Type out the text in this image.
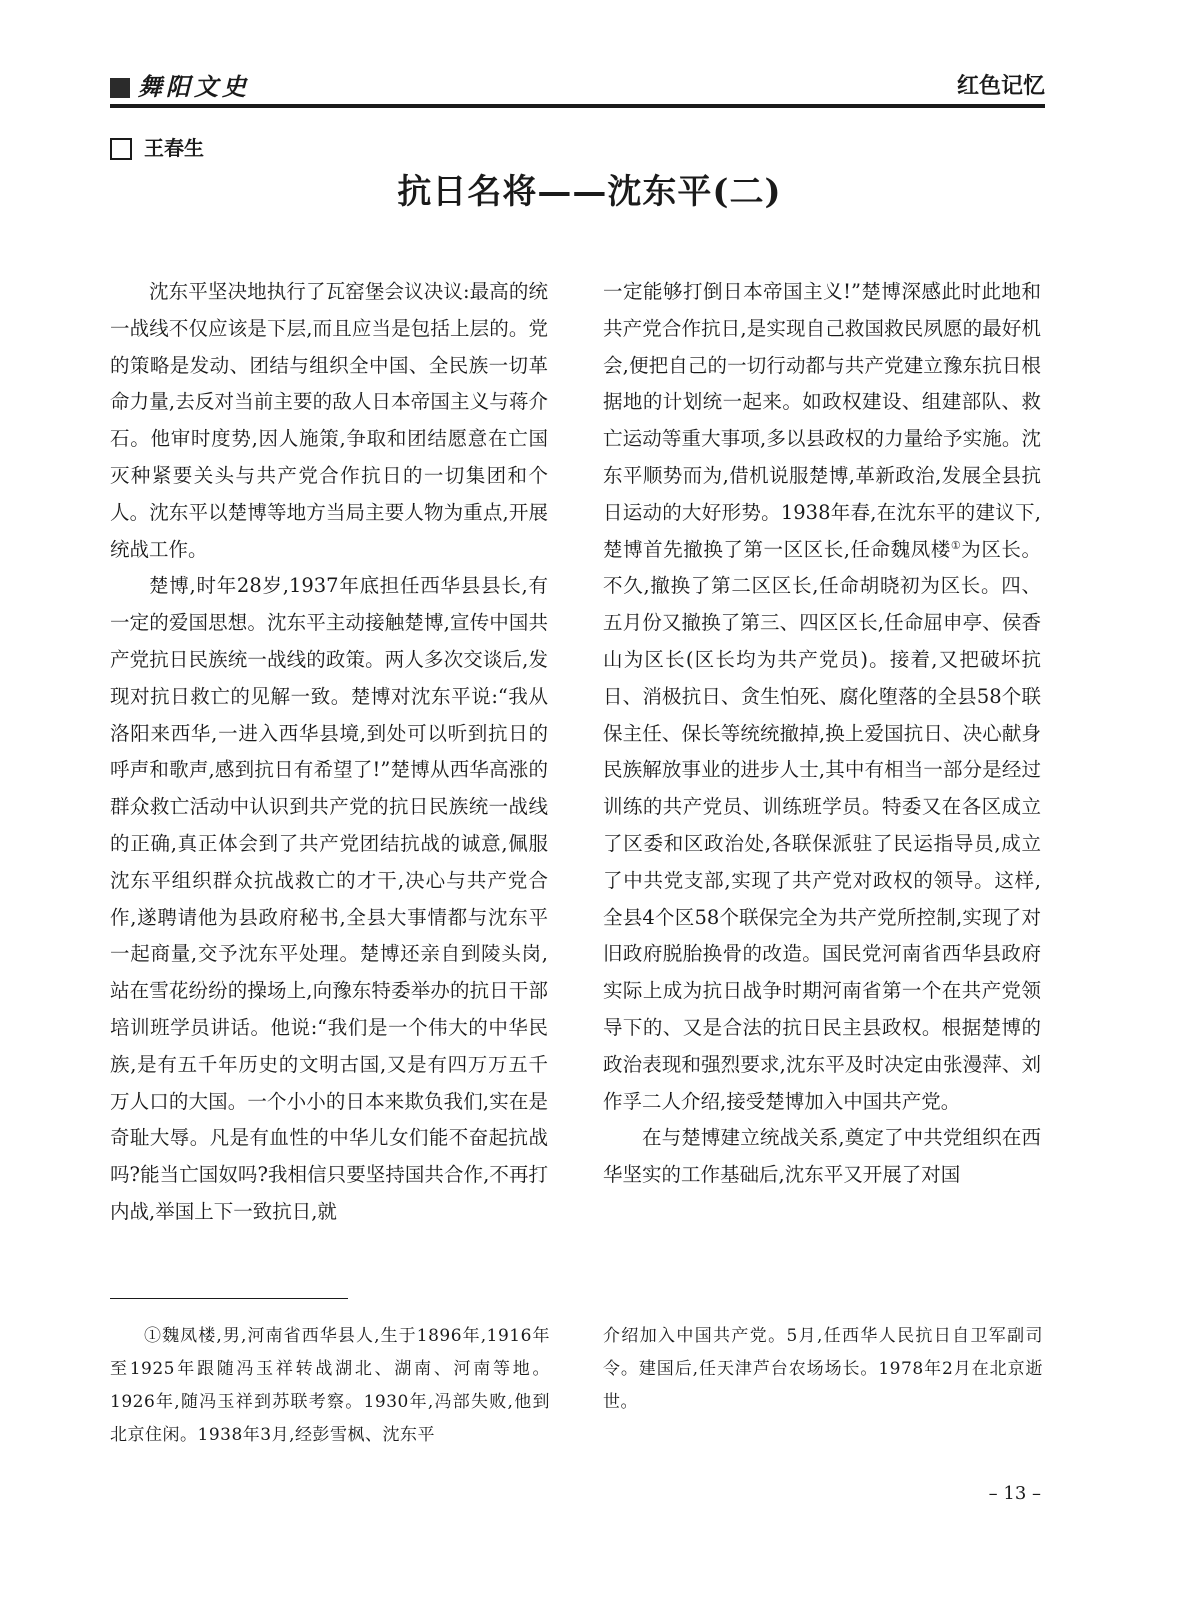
舞阳文史	红色记忆
王春生
抗日名将——沈东平(二)

沈东平坚决地执行了瓦窑堡会议决议:最高的统一战线不仅应该是下层,而且应当是包括上层的。党的策略是发动、团结与组织全中国、全民族一切革命力量,去反对当前主要的敌人日本帝国主义与蒋介石。他审时度势,因人施策,争取和团结愿意在亡国灭种紧要关头与共产党合作抗日的一切集团和个人。沈东平以楚博等地方当局主要人物为重点,开展统战工作。

楚博,时年28岁,1937年底担任西华县县长,有一定的爱国思想。沈东平主动接触楚博,宣传中国共产党抗日民族统一战线的政策。两人多次交谈后,发现对抗日救亡的见解一致。楚博对沈东平说:“我从洛阳来西华,一进入西华县境,到处可以听到抗日的呼声和歌声,感到抗日有希望了!”楚博从西华高涨的群众救亡活动中认识到共产党的抗日民族统一战线的正确,真正体会到了共产党团结抗战的诚意,佩服沈东平组织群众抗战救亡的才干,决心与共产党合作,遂聘请他为县政府秘书,全县大事情都与沈东平一起商量,交予沈东平处理。楚博还亲自到陵头岗,站在雪花纷纷的操场上,向豫东特委举办的抗日干部培训班学员讲话。他说:“我们是一个伟大的中华民族,是有五千年历史的文明古国,又是有四万万五千万人口的大国。一个小小的日本来欺负我们,实在是奇耻大辱。凡是有血性的中华儿女们能不奋起抗战吗?能当亡国奴吗?我相信只要坚持国共合作,不再打内战,举国上下一致抗日,就

一定能够打倒日本帝国主义!”楚博深感此时此地和共产党合作抗日,是实现自己救国救民夙愿的最好机会,便把自己的一切行动都与共产党建立豫东抗日根据地的计划统一起来。如政权建设、组建部队、救亡运动等重大事项,多以县政权的力量给予实施。沈东平顺势而为,借机说服楚博,革新政治,发展全县抗日运动的大好形势。1938年春,在沈东平的建议下,楚博首先撤换了第一区区长,任命魏凤楼①为区长。不久,撤换了第二区区长,任命胡晓初为区长。四、五月份又撤换了第三、四区区长,任命屈申亭、侯香山为区长(区长均为共产党员)。接着,又把破坏抗日、消极抗日、贪生怕死、腐化堕落的全县58个联保主任、保长等统统撤掉,换上爱国抗日、决心献身民族解放事业的进步人士,其中有相当一部分是经过训练的共产党员、训练班学员。特委又在各区成立了区委和区政治处,各联保派驻了民运指导员,成立了中共党支部,实现了共产党对政权的领导。这样,全县4个区58个联保完全为共产党所控制,实现了对旧政府脱胎换骨的改造。国民党河南省西华县政府实际上成为抗日战争时期河南省第一个在共产党领导下的、又是合法的抗日民主县政权。根据楚博的政治表现和强烈要求,沈东平及时决定由张漫萍、刘作孚二人介绍,接受楚博加入中国共产党。

在与楚博建立统战关系,奠定了中共党组织在西华坚实的工作基础后,沈东平又开展了对国

①魏凤楼,男,河南省西华县人,生于1896年,1916年至1925年跟随冯玉祥转战湖北、湖南、河南等地。1926年,随冯玉祥到苏联考察。1930年,冯部失败,他到北京住闲。1938年3月,经彭雪枫、沈东平

介绍加入中国共产党。5月,任西华人民抗日自卫军副司令。建国后,任天津芦台农场场长。1978年2月在北京逝世。

– 13 –
